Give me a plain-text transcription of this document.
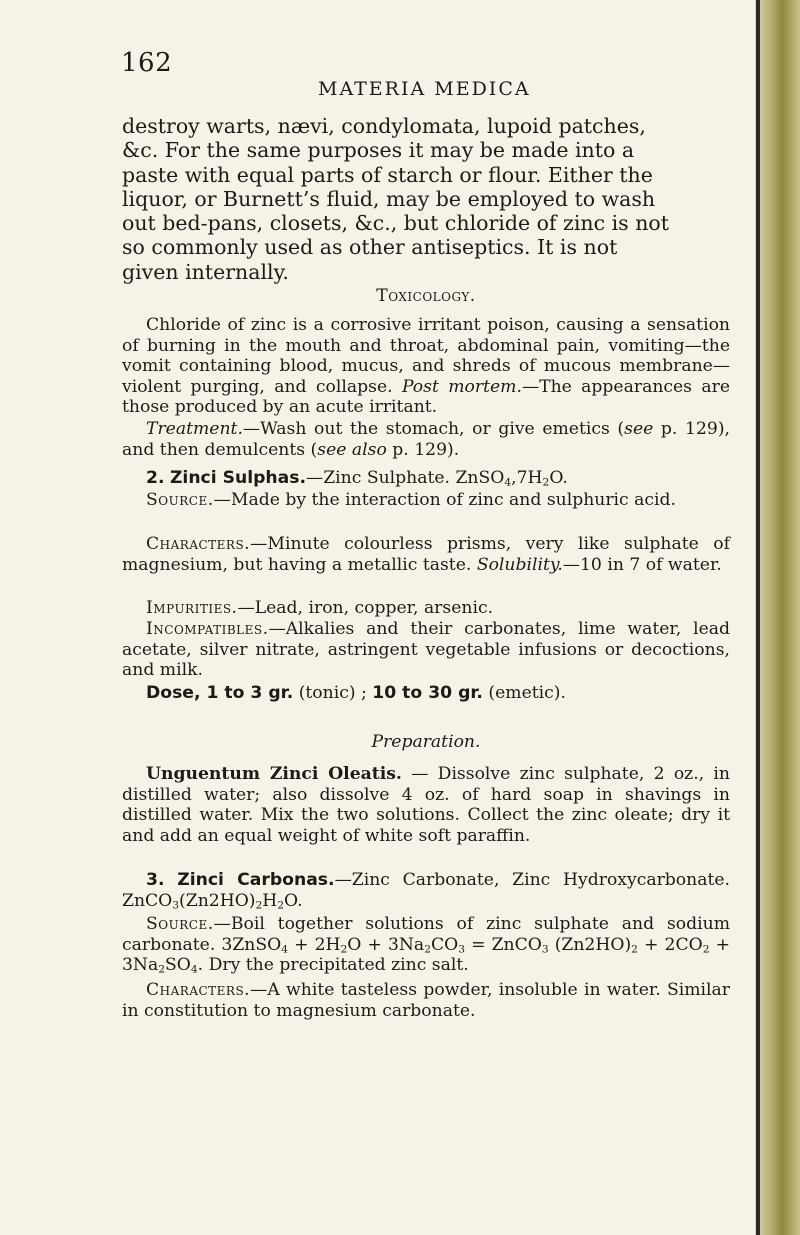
162
MATERIA MEDICA
destroy warts, nævi, condylomata, lupoid patches,
&c. For the same purposes it may be made into a
paste with equal parts of starch or flour. Either the
liquor, or Burnett’s fluid, may be employed to wash
out bed-pans, closets, &c., but chloride of zinc is not
so commonly used as other antiseptics. It is not
given internally.
Toxicology.

Chloride of zinc is a corrosive irritant poison, causing a sensation of burning in the mouth and throat, abdominal pain, vomiting—the vomit containing blood, mucus, and shreds of mucous membrane—violent purging, and collapse. Post mortem.—The appearances are those produced by an acute irritant.

Treatment.—Wash out the stomach, or give emetics (see p. 129), and then demulcents (see also p. 129).

2. Zinci Sulphas.—Zinc Sulphate. $ZnSO_4,7H_2O$.

Source.—Made by the interaction of zinc and sulphuric acid.

Characters.—Minute colourless prisms, very like sulphate of magnesium, but having a metallic taste. Solubility.—10 in 7 of water.

Impurities.—Lead, iron, copper, arsenic.

Incompatibles.—Alkalies and their carbonates, lime water, lead acetate, silver nitrate, astringent vegetable infusions or decoctions, and milk.

Dose, 1 to 3 gr. (tonic) ; 10 to 30 gr. (emetic).

Preparation.

Unguentum Zinci Oleatis. — Dissolve zinc sulphate, 2 oz., in distilled water; also dissolve 4 oz. of hard soap in shavings in distilled water. Mix the two solutions. Collect the zinc oleate; dry it and add an equal weight of white soft paraffin.

3. Zinci Carbonas.—Zinc Carbonate, Zinc Hydroxycarbonate. $ZnCO_3(Zn2HO)_2H_2O$.

Source.—Boil together solutions of zinc sulphate and sodium carbonate. 3ZnSO$_4$ + $2H_2O + 3Na_2CO_3$ = ZnCO$_3$ $(Zn2HO)_2 + 2CO_2 + 3Na_2SO_4$. Dry the precipitated zinc salt.

Characters.—A white tasteless powder, insoluble in water. Similar in constitution to magnesium carbonate.
